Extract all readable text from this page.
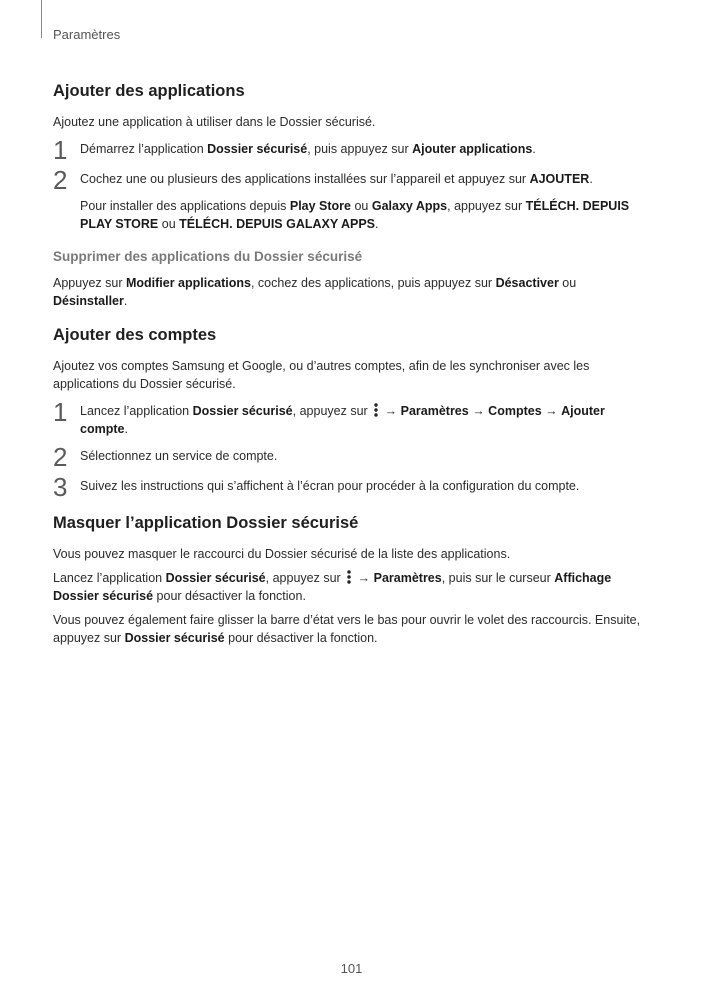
Paramètres
Ajouter des applications

Ajoutez une application à utiliser dans le Dossier sécurisé.

1	Démarrez l’application Dossier sécurisé, puis appuyez sur Ajouter applications.
2	Cochez une ou plusieurs des applications installées sur l’appareil et appuyez sur AJOUTER.
Pour installer des applications depuis Play Store ou Galaxy Apps, appuyez sur TÉLÉCH. DEPUIS PLAY STORE ou TÉLÉCH. DEPUIS GALAXY APPS.
Supprimer des applications du Dossier sécurisé

Appuyez sur Modifier applications, cochez des applications, puis appuyez sur Désactiver ou Désinstaller.

Ajouter des comptes

Ajoutez vos comptes Samsung et Google, ou d’autres comptes, afin de les synchroniser avec les applications du Dossier sécurisé.

1	Lancez l’application Dossier sécurisé, appuyez sur  → Paramètres → Comptes → Ajouter compte.
2	Sélectionnez un service de compte.
3	Suivez les instructions qui s’affichent à l’écran pour procéder à la configuration du compte.
Masquer l’application Dossier sécurisé

Vous pouvez masquer le raccourci du Dossier sécurisé de la liste des applications.

Lancez l’application Dossier sécurisé, appuyez sur  → Paramètres, puis sur le curseur Affichage Dossier sécurisé pour désactiver la fonction.

Vous pouvez également faire glisser la barre d’état vers le bas pour ouvrir le volet des raccourcis. Ensuite, appuyez sur Dossier sécurisé pour désactiver la fonction.

101
